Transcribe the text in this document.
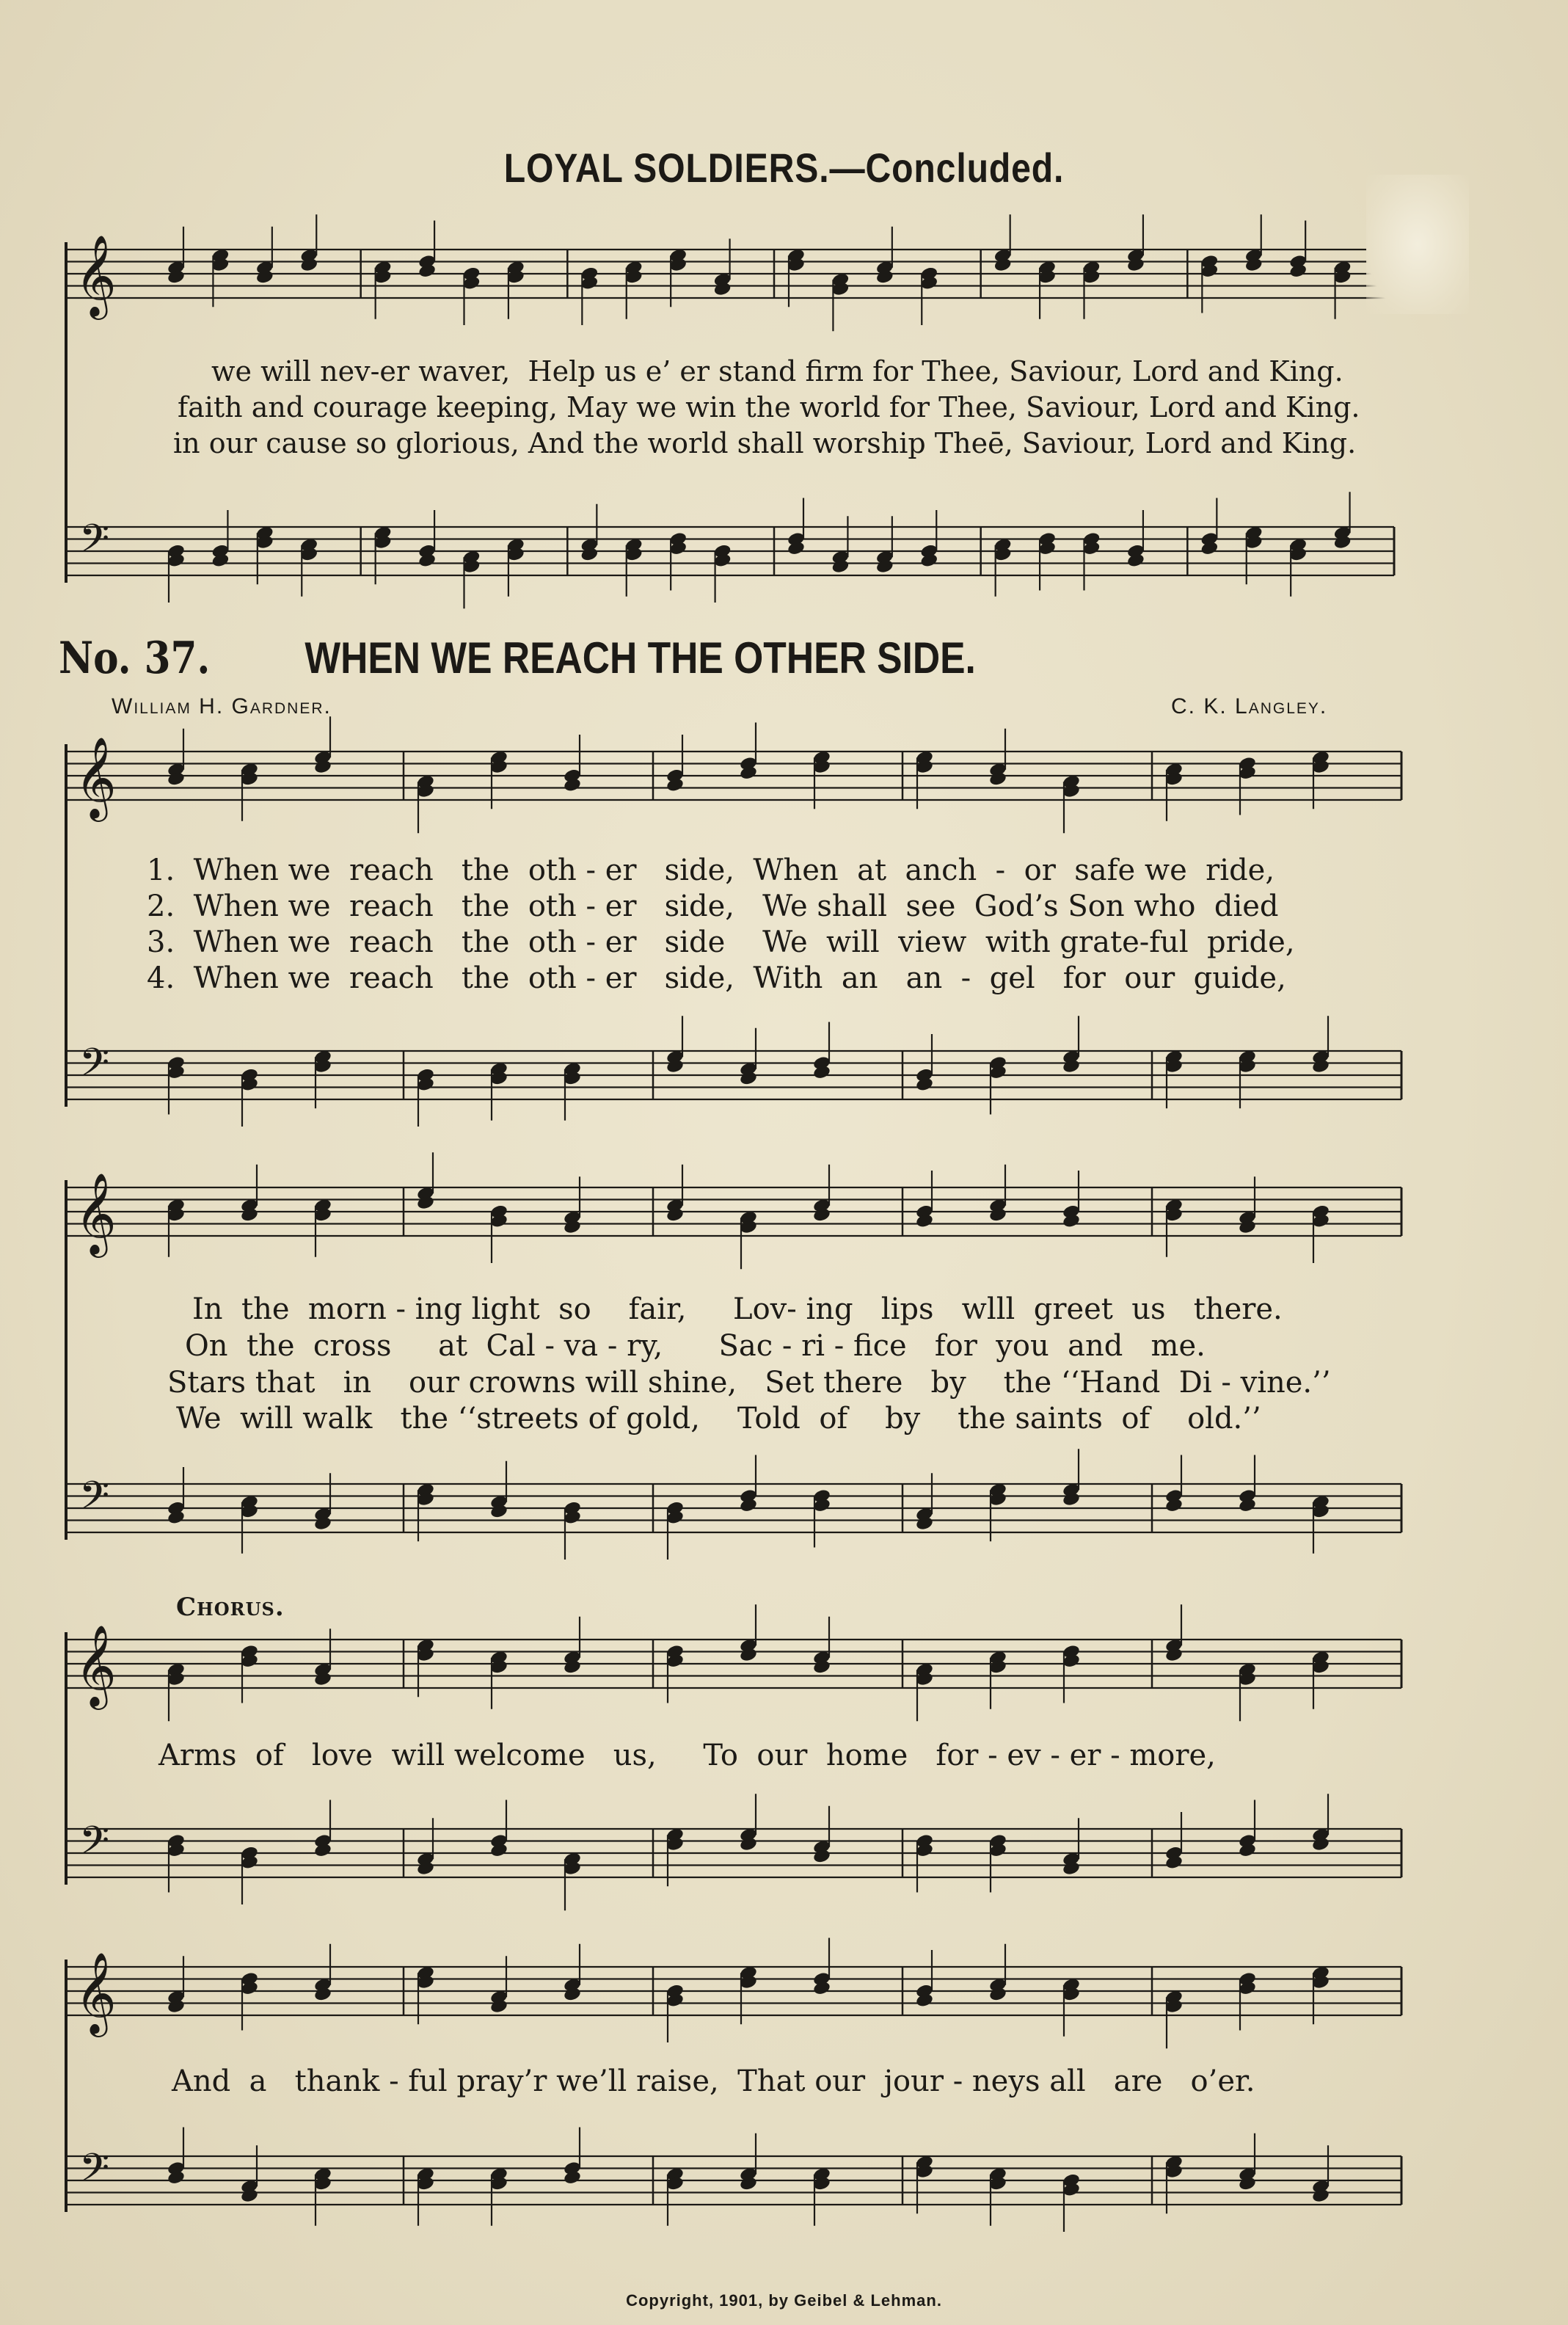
𝄞
𝄢
𝄞
𝄢
𝄞
𝄢
𝄞
𝄢
𝄞
𝄢
LOYAL SOLDIERS.—Concluded.
we will nev-er waver,  Help us e’ er stand firm for Thee, Saviour, Lord and King.
faith and courage keeping, May we win the world for Thee, Saviour, Lord and King.
in our cause so glorious, And the world shall worship Theē, Saviour, Lord and King.
No. 37. WHEN WE REACH THE OTHER SIDE.
William H. Gardner.	C. K. Langley.
1.  When we  reach   the  oth - er   side,  When  at  anch  -  or  safe we  ride,
2.  When we  reach   the  oth - er   side,   We shall  see  God’s Son who  died
3.  When we  reach   the  oth - er   side    We  will  view  with grate-ful  pride,
4.  When we  reach   the  oth - er   side,  With  an   an  -  gel   for  our  guide,
In  the  morn - ing light  so    fair,     Lov- ing   lips   wlll  greet  us   there.
On  the  cross     at  Cal - va - ry,      Sac - ri - fice   for  you  and   me.
Stars that   in    our crowns will shine,   Set there   by    the ‘‘Hand  Di - vine.’’
We  will walk   the ‘‘streets of gold,    Told  of    by    the saints  of    old.’’
Chorus.
Arms  of   love  will welcome   us,     To  our  home   for - ev - er - more,
And  a   thank - ful pray’r we’ll raise,  That our  jour - neys all   are   o’er.
Copyright, 1901, by Geibel & Lehman.
